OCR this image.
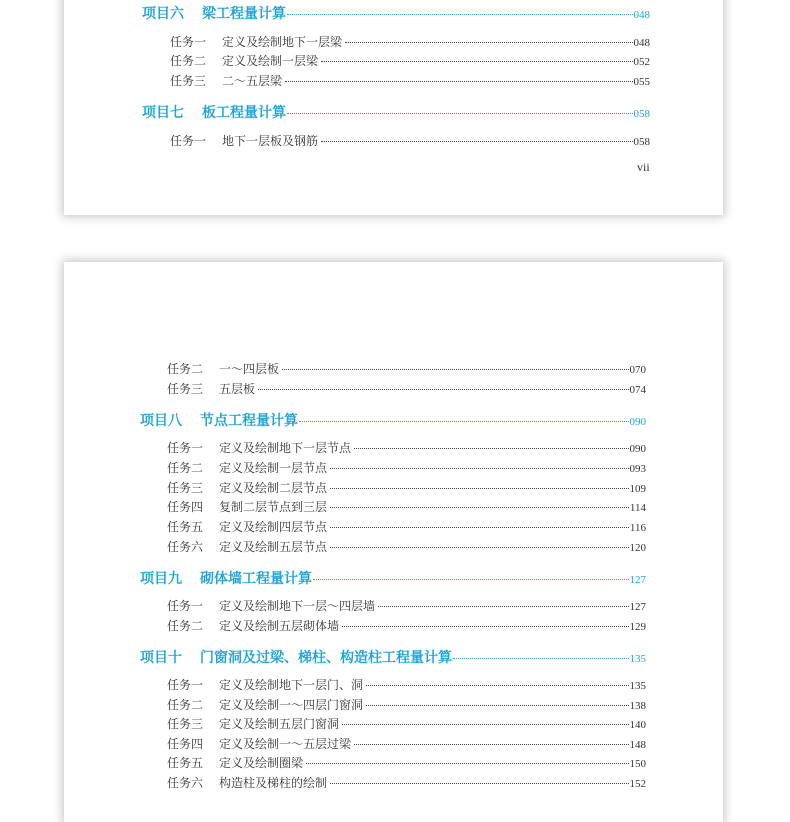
项目六	梁工程量计算	048
任务一	定义及绘制地下一层梁	048
任务二	定义及绘制一层梁	052
任务三	二～五层梁	055
项目七	板工程量计算	058
任务一	地下一层板及钢筋	058
vii
任务二	一～四层板	070
任务三	五层板	074
项目八	节点工程量计算	090
任务一	定义及绘制地下一层节点	090
任务二	定义及绘制一层节点	093
任务三	定义及绘制二层节点	109
任务四	复制二层节点到三层	114
任务五	定义及绘制四层节点	116
任务六	定义及绘制五层节点	120
项目九	砌体墙工程量计算	127
任务一	定义及绘制地下一层～四层墙	127
任务二	定义及绘制五层砌体墙	129
项目十	门窗洞及过梁、梯柱、构造柱工程量计算	135
任务一	定义及绘制地下一层门、洞	135
任务二	定义及绘制一～四层门窗洞	138
任务三	定义及绘制五层门窗洞	140
任务四	定义及绘制一～五层过梁	148
任务五	定义及绘制圈梁	150
任务六	构造柱及梯柱的绘制	152
